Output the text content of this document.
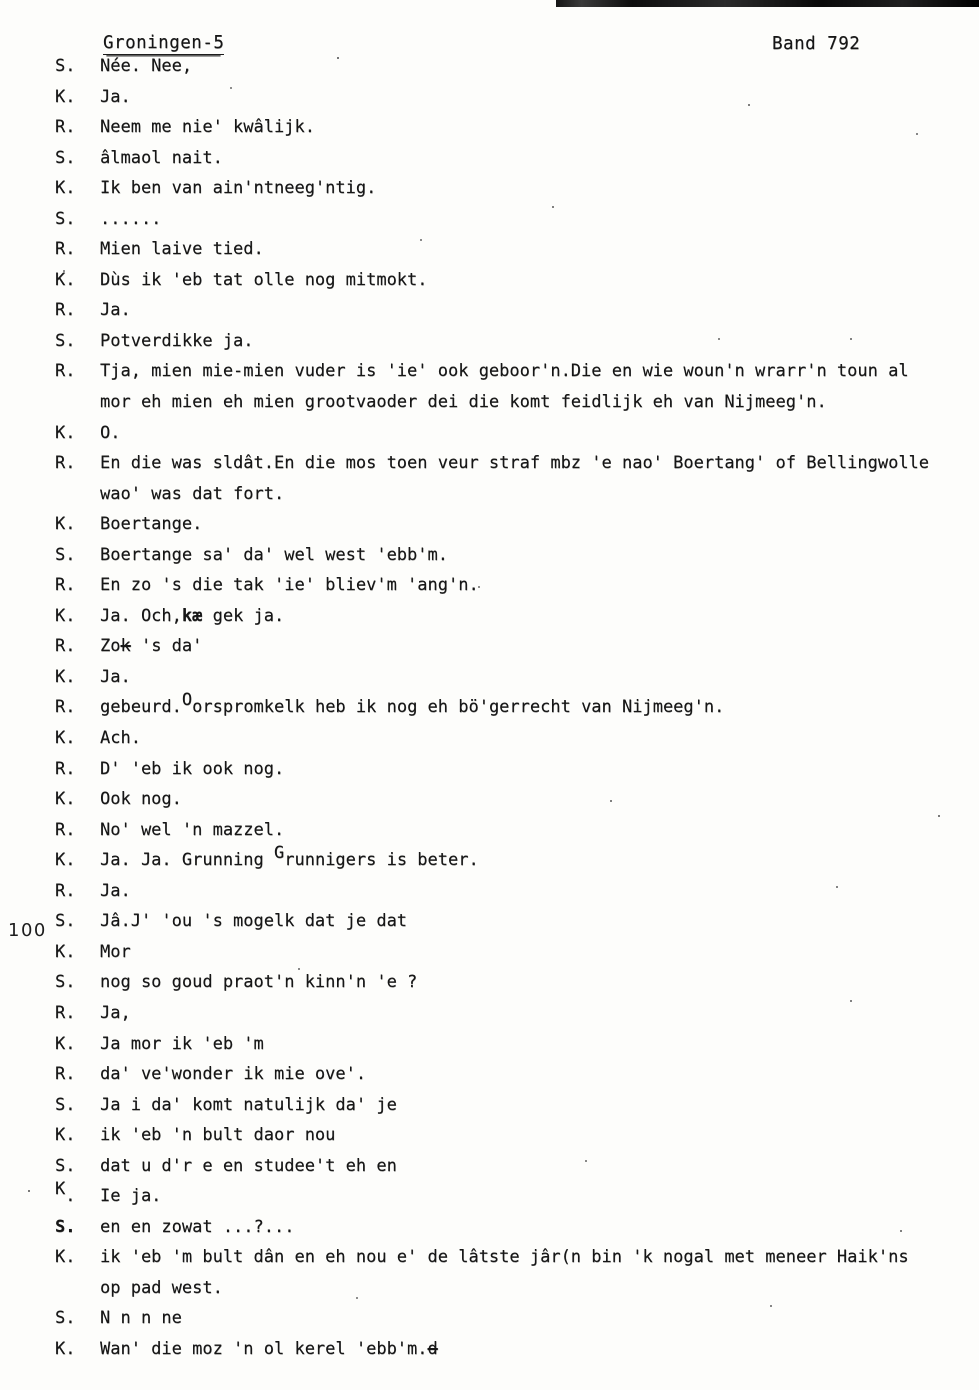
Groningen-5	Band 792
100
S.	Née. Nee,
K.	Ja.
R.	Neem me nie' kwâlijk.
S.	âlmaol nait.
K.	Ik ben van ain'ntneeg'ntig.
S.	......
R.	Mien laive tied.
K.	Dùs ik 'eb tat olle nog mitmokt.
R.	Ja.
S.	Potverdikke ja.
R.	Tja, mien mie-mien vuder is 'ie' ook geboor'n.Die en wie woun'n wrarr'n toun al
mor eh mien eh mien grootvaoder dei die komt feidlijk eh van Nijmeeg'n.
K.	O.
R.	En die was sldât.En die mos toen veur straf mbz 'e nao' Boertang' of Bellingwolle
wao' was dat fort.
K.	Boertange.
S.	Boertange sa' da' wel west 'ebb'm.
R.	En zo 's die tak 'ie' bliev'm 'ang'n.
K.	Ja. Och,kæ gek ja.
R.	Zok 's da'
K.	Ja.
R.	gebeurd.Oorspromkelk heb ik nog eh bö'gerrecht van Nijmeeg'n.
K.	Ach.
R.	D' 'eb ik ook nog.
K.	Ook nog.
R.	No' wel 'n mazzel.
K.	Ja. Ja. Grunning Grunnigers is beter.
R.	Ja.
S.	Jâ.J' 'ou 's mogelk dat je dat
K.	Mor
S.	nog so goud praot'n kinn'n 'e ?
R.	Ja,
K.	Ja mor ik 'eb 'm
R.	da' ve'wonder ik mie ove'.
S.	Ja i da' komt natulijk da' je
K.	ik 'eb 'n bult daor nou
S.	dat u d'r e en studee't eh en
K.	Ie ja.
S.	en en zowat ...?...
K.	ik 'eb 'm bult dân en eh nou e' de lâtste jâr(n bin 'k nogal met meneer Haik'ns
op pad west.
S.	N n n ne
K.	Wan' die moz 'n ol kerel 'ebb'm.d
